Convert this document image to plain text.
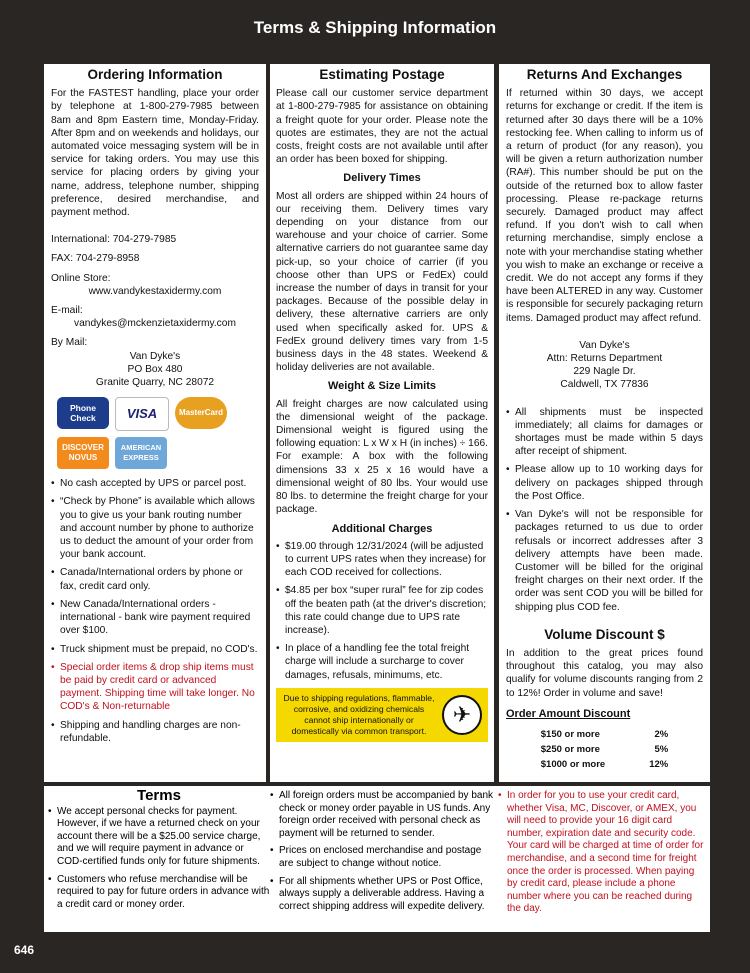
Terms & Shipping Information
Ordering Information

For the FASTEST handling, place your order by telephone at 1-800-279-7985 between 8am and 8pm Eastern time, Monday-Friday. After 8pm and on weekends and holidays, our automated voice messaging system will be in service for taking orders. You may use this service for placing orders by giving your name, address, telephone number, shipping preference, desired merchandise, and payment method.

International: 704-279-7985

FAX: 704-279-8958

Online Store:

www.vandykestaxidermy.com

E-mail:

vandykes@mckenzietaxidermy.com

By Mail:

Van Dyke's
PO Box 480
Granite Quarry, NC 28072
Phone Check	VISA	MasterCard
DISCOVER NOVUS
AMERICAN EXPRESS
• No cash accepted by UPS or parcel post.
• “Check by Phone” is available which allows you to give us your bank routing number and account number by phone to authorize us to deduct the amount of your order from your bank account.
• Canada/International orders by phone or fax, credit card only.
• New Canada/International orders - international - bank wire payment required over $100.
• Truck shipment must be prepaid, no COD's.
• Special order items & drop ship items must be paid by credit card or advanced payment. Shipping time will take longer. No COD's & Non-returnable
• Shipping and handling charges are non-refundable.
Estimating Postage

Please call our customer service department at 1-800-279-7985 for assistance on obtaining a freight quote for your order. Please note the quotes are estimates, they are not the actual costs, freight costs are not available until after an order has been boxed for shipping.

Delivery Times

Most all orders are shipped within 24 hours of our receiving them. Delivery times vary depending on your distance from our warehouse and your choice of carrier. Some alternative carriers do not guarantee same day pick-up, so your choice of carrier (if you choose other than UPS or FedEx) could increase the number of days in transit for your packages. Because of the possible delay in delivery, these alternative carriers are only used when specifically asked for. UPS & FedEx ground delivery times vary from 1-5 business days in the 48 states. Weekend & holiday deliveries are not available.

Weight & Size Limits

All freight charges are now calculated using the dimensional weight of the package. Dimensional weight is figured using the following equation: L x W x H (in inches) ÷ 166. For example: A box with the following dimensions 33 x 25 x 16 would have a dimensional weight of 80 lbs. Your would use 80 lbs. to determine the freight charge for your package.

Additional Charges
• $19.00 through 12/31/2024 (will be adjusted to current UPS rates when they increase) for each COD received for collections.
• $4.85 per box “super rural” fee for zip codes off the beaten path (at the driver's discretion; this rate could change due to UPS rate increase).
• In place of a handling fee the total freight charge will include a surcharge to cover damages, refusals, minimums, etc.
Due to shipping regulations, flammable, corrosive, and oxidizing chemicals cannot ship internationally or domestically via common transport.
✈
Returns And Exchanges

If returned within 30 days, we accept returns for exchange or credit. If the item is returned after 30 days there will be a 10% restocking fee. When calling to inform us of a return of product (for any reason), you will be given a return authorization number (RA#). This number should be put on the outside of the returned box to allow faster processing. Please re-package returns securely. Damaged product may affect refund. If you don't wish to call when returning merchandise, simply enclose a note with your merchandise stating whether you wish to make an exchange or receive a credit. We do not accept any forms if they have been ALTERED in any way. Customer is responsible for securely packaging return items. Damaged product may affect refund.

Van Dyke's
Attn: Returns Department
229 Nagle Dr.
Caldwell, TX 77836
• All shipments must be inspected immediately; all claims for damages or shortages must be made within 5 days after receipt of shipment.
• Please allow up to 10 working days for delivery on packages shipped through the Post Office.
• Van Dyke's will not be responsible for packages returned to us due to order refusals or incorrect addresses after 3 delivery attempts have been made. Customer will be billed for the original freight charges on their next order. If the order was sent COD you will be billed for shipping plus COD fee.
Volume Discount $

In addition to the great prices found throughout this catalog, you may also qualify for volume discounts ranging from 2 to 12%! Order in volume and save!

Order Amount Discount
$150 or more	2%
$250 or more	5%
$1000 or more	12%
Terms
• We accept personal checks for payment. However, if we have a returned check on your account there will be a $25.00 service charge, and we will require payment in advance or COD-certified funds only for future shipments.
• Customers who refuse merchandise will be required to pay for future orders in advance with a credit card or money order.
• All foreign orders must be accompanied by bank check or money order payable in US funds. Any foreign order received with personal check as payment will be returned to sender.
• Prices on enclosed merchandise and postage are subject to change without notice.
• For all shipments whether UPS or Post Office, always supply a deliverable address. Having a correct shipping address will expedite delivery.
• In order for you to use your credit card, whether Visa, MC, Discover, or AMEX, you will need to provide your 16 digit card number, expiration date and security code. Your card will be charged at time of order for merchandise, and a second time for freight once the order is processed. When paying by credit card, please include a phone number where you can be reached during the day.
646
